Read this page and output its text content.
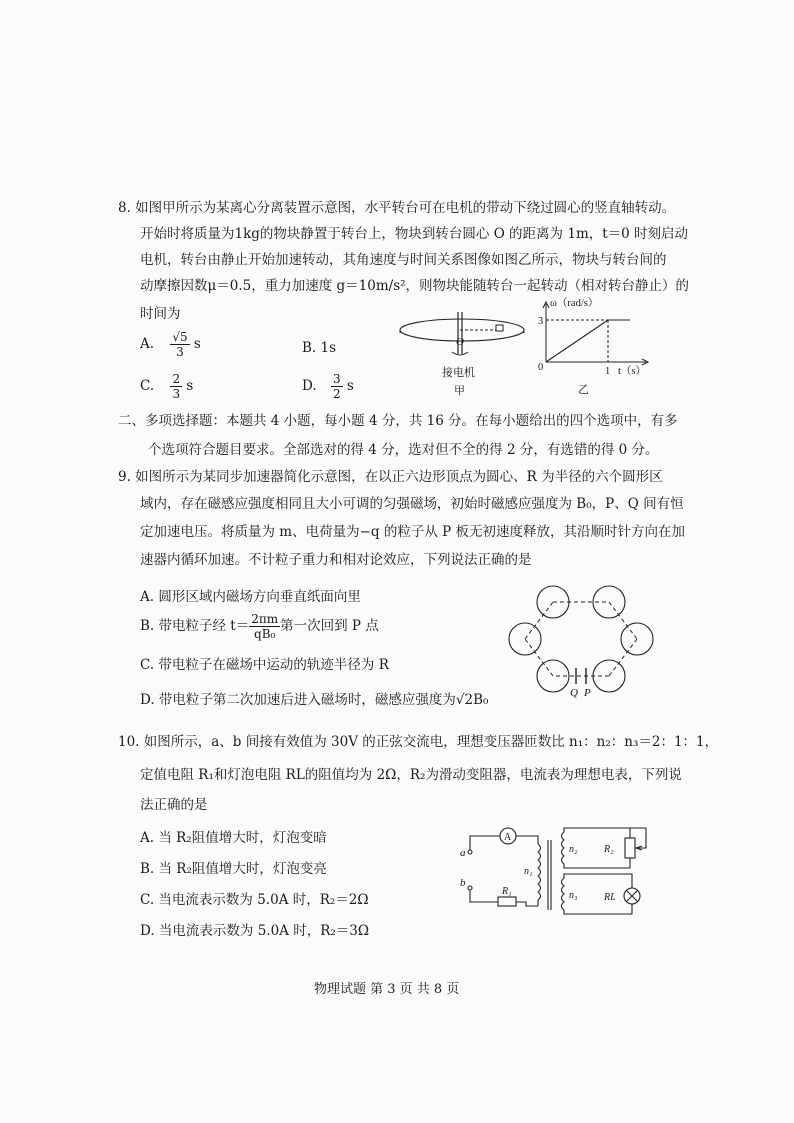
8. 如图甲所示为某离心分离装置示意图，水平转台可在电机的带动下绕过圆心的竖直轴转动。
开始时将质量为1kg的物块静置于转台上，物块到转台圆心 O 的距离为 1m，t＝0 时刻启动
电机，转台由静止开始加速转动，其角速度与时间关系图像如图乙所示，物块与转台间的
动摩擦因数μ＝0.5，重力加速度 g＝10m/s²，则物块能随转台一起转动（相对转台静止）的
时间为
A. $\frac{√5}{3}$ s	B. 1s
C. $\frac{2}{3}$ s	D. $\frac{3}{2}$ s
O
接电机
甲
ω（rad/s）
3
1
0	t（s）
乙
二、多项选择题：本题共 4 小题，每小题 4 分，共 16 分。在每小题给出的四个选项中，有多
个选项符合题目要求。全部选对的得 4 分，选对但不全的得 2 分，有选错的得 0 分。
9. 如图所示为某同步加速器简化示意图，在以正六边形顶点为圆心、R 为半径的六个圆形区
域内，存在磁感应强度相同且大小可调的匀强磁场，初始时磁感应强度为 B₀，P、Q 间有恒
定加速电压。将质量为 m、电荷量为−q 的粒子从 P 板无初速度释放，其沿顺时针方向在加
速器内循环加速。不计粒子重力和相对论效应，下列说法正确的是
A. 圆形区域内磁场方向垂直纸面向里
B. 带电粒子经 $t= \frac{2\pi m}{\text{qB₀}}$ 第一次回到 P 点
C. 带电粒子在磁场中运动的轨迹半径为 R
D. 带电粒子第二次加速后进入磁场时，磁感应强度为√2B₀	Q P
10. 如图所示，a、b 间接有效值为 30V 的正弦交流电，理想变压器匝数比 n₁：n₂：n₃＝2：1：1，
定值电阻 R₁和灯泡电阻 RL的阻值均为 2Ω，R₂为滑动变阻器，电流表为理想电表，下列说
法正确的是
A. 当 R₂阻值增大时，灯泡变暗
B. 当 R₂阻值增大时，灯泡变亮
C. 当电流表示数为 5.0A 时，R₂＝2Ω
D. 当电流表示数为 5.0A 时，R₂＝3Ω
a
b
A
n₁
n₂
n₃
R₁
R₂
RL
物理试题 第 3 页 共 8 页
